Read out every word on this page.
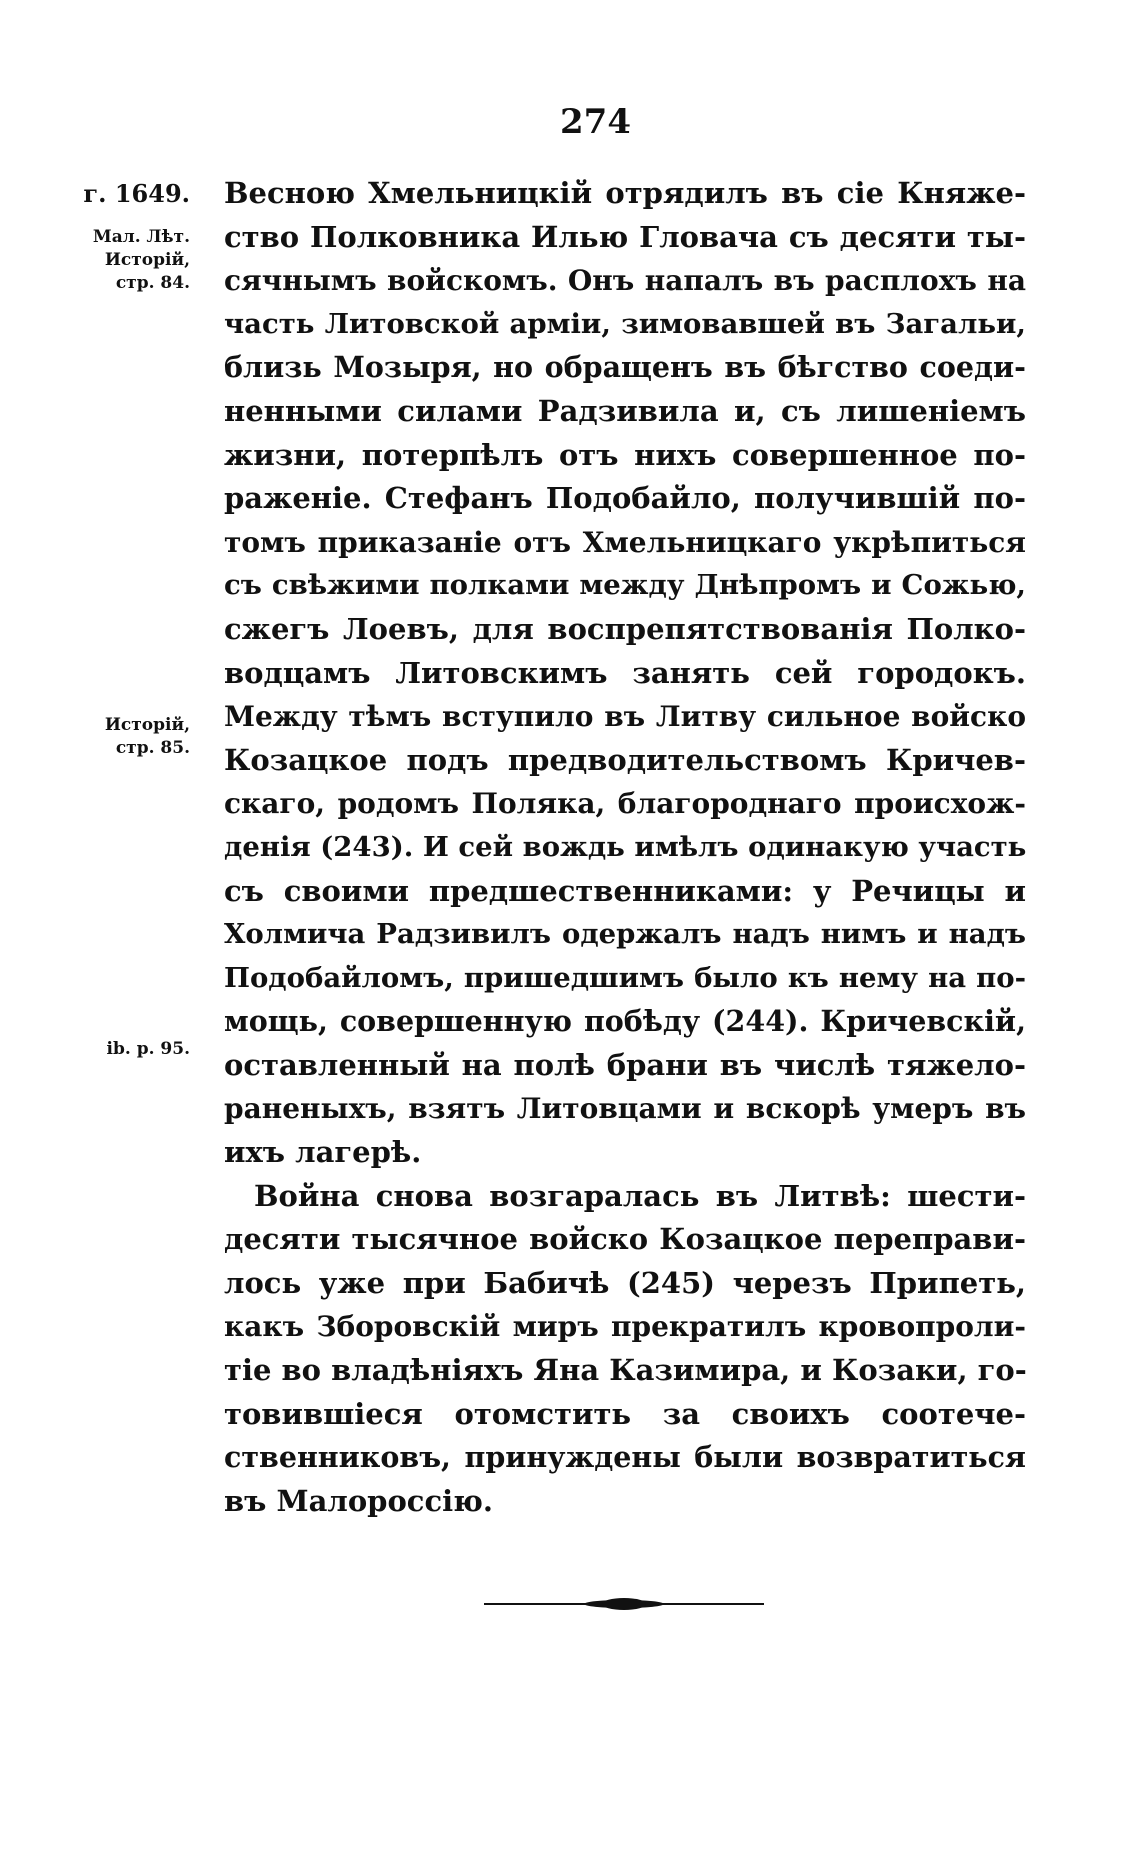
274
г. 1649.
Мал. Лѣт.
Исторій,
стр. 84.
Исторій,
стр. 85.
ib. p. 95.
Весною Хмельницкій отрядилъ въ сіе Княже-
ство Полковника Илью Гловача съ десяти ты-
сячнымъ войскомъ. Онъ напалъ въ расплохъ на
часть Литовской арміи, зимовавшей въ Загальи,
близь Мозыря, но обращенъ въ бѣгство соеди-
ненными силами Радзивила и, съ лишеніемъ
жизни, потерпѣлъ отъ нихъ совершенное по-
раженіе. Стефанъ Подобайло, получившій по-
томъ приказаніе отъ Хмельницкаго укрѣпиться
съ свѣжими полками между Днѣпромъ и Сожью,
сжегъ Лоевъ, для воспрепятствованія Полко-
водцамъ Литовскимъ занять сей городокъ.
Между тѣмъ вступило въ Литву сильное войско
Козацкое подъ предводительствомъ Кричев-
скаго, родомъ Поляка, благороднаго происхож-
денія (243). И сей вождь имѣлъ одинакую участь
съ своими предшественниками: у Речицы и
Холмича Радзивилъ одержалъ надъ нимъ и надъ
Подобайломъ, пришедшимъ было къ нему на по-
мощь, совершенную побѣду (244). Кричевскій,
оставленный на полѣ брани въ числѣ тяжело-
раненыхъ, взятъ Литовцами и вскорѣ умеръ въ
ихъ лагерѣ.
Война снова возгаралась въ Литвѣ: шести-
десяти тысячное войско Козацкое переправи-
лось уже при Бабичѣ (245) черезъ Припеть,
какъ Зборовскій миръ прекратилъ кровопроли-
тіе во владѣніяхъ Яна Казимира, и Козаки, го-
товившіеся отомстить за своихъ соотече-
ственниковъ, принуждены были возвратиться
въ Малороссію.
